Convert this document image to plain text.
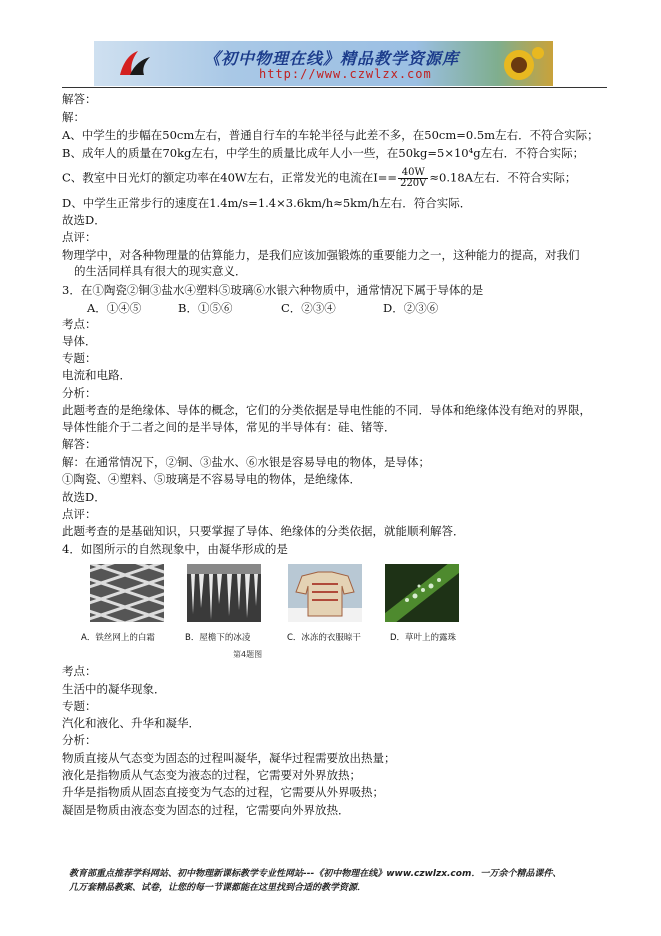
《初中物理在线》精品教学资源库
http://www.czwlzx.com
解答：
解：
A、中学生的步幅在50cm左右，普通自行车的车轮半径与此差不多，在50cm=0.5m左右．不符合实际；
B、成年人的质量在70kg左右，中学生的质量比成年人小一些，在50kg=5×10⁴g左右．不符合实际；
C、教室中日光灯的额定功率在40W左右，正常发光的电流在$I== \frac{40W}{220V} \approx 0.18A$左右．不符合实际；
D、中学生正常步行的速度在1.4m/s=1.4×3.6km/h≈5km/h左右．符合实际．
故选D．
点评：
物理学中，对各种物理量的估算能力，是我们应该加强锻炼的重要能力之一，这种能力的提高，对我们
的生活同样具有很大的现实意义．
3．在①陶瓷②铜③盐水④塑料⑤玻璃⑥水银六种物质中，通常情况下属于导体的是
A．①④⑤	B．①⑤⑥	C．②③④	D．②③⑥
考点：
导体．
专题：
电流和电路．
分析：
此题考查的是绝缘体、导体的概念，它们的分类依据是导电性能的不同．导体和绝缘体没有绝对的界限，
导体性能介于二者之间的是半导体，常见的半导体有：硅、锗等．
解答：
解：在通常情况下，②铜、③盐水、⑥水银是容易导电的物体，是导体；
①陶瓷、④塑料、⑤玻璃是不容易导电的物体，是绝缘体．
故选D．
点评：
此题考查的是基础知识，只要掌握了导体、绝缘体的分类依据，就能顺利解答．
4．如图所示的自然现象中，由凝华形成的是
A．铁丝网上的白霜	B．屋檐下的冰凌	C．冰冻的衣服晾干	D．草叶上的露珠
第4题图
考点：
生活中的凝华现象．
专题：
汽化和液化、升华和凝华．
分析：
物质直接从气态变为固态的过程叫凝华，凝华过程需要放出热量；
液化是指物质从气态变为液态的过程，它需要对外界放热；
升华是指物质从固态直接变为气态的过程，它需要从外界吸热；
凝固是物质由液态变为固态的过程，它需要向外界放热．
教育部重点推荐学科网站、初中物理新课标教学专业性网站---《初中物理在线》www.czwlzx.com．一万余个精品课件、
几万套精品教案、试卷，让您的每一节课都能在这里找到合适的教学资源．
